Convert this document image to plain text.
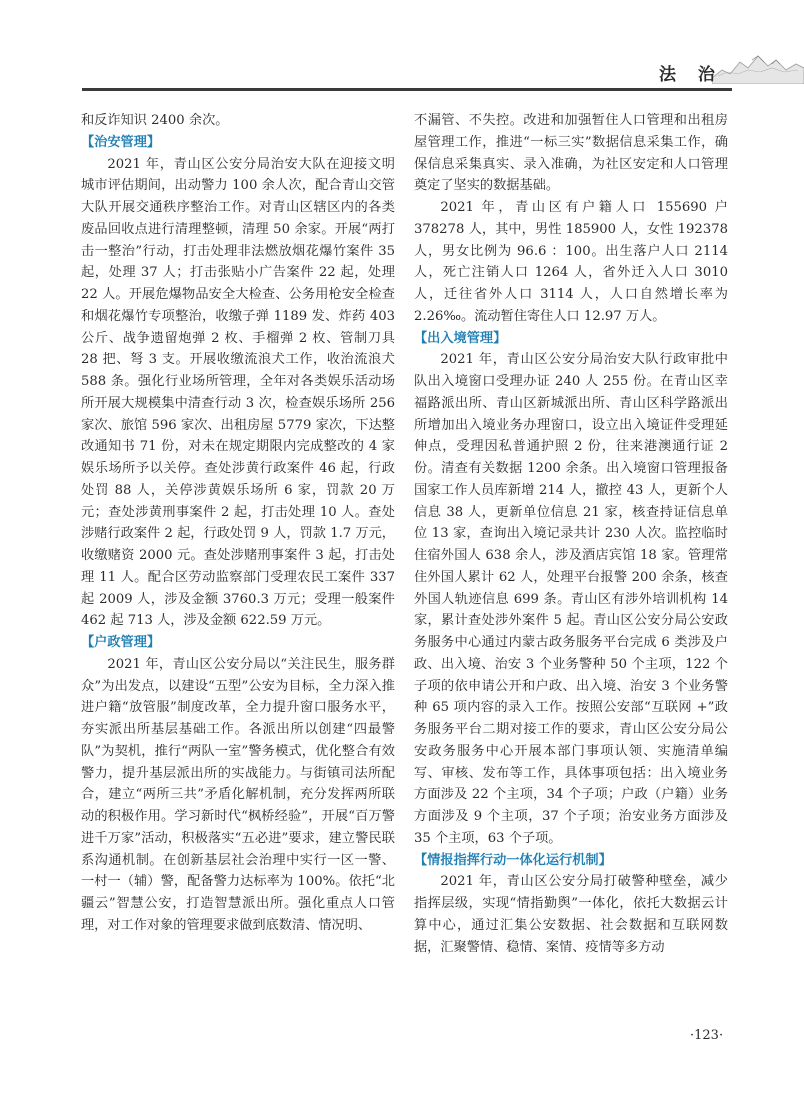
法 治

和反诈知识 2400 余次。

【治安管理】

2021 年，青山区公安分局治安大队在迎接文明城市评估期间，出动警力 100 余人次，配合青山交管大队开展交通秩序整治工作。对青山区辖区内的各类废品回收点进行清理整顿，清理 50 余家。开展“两打击一整治”行动，打击处理非法燃放烟花爆竹案件 35 起，处理 37 人；打击张贴小广告案件 22 起，处理 22 人。开展危爆物品安全大检查、公务用枪安全检查和烟花爆竹专项整治，收缴子弹 1189 发、炸药 403 公斤、战争遗留炮弹 2 枚、手榴弹 2 枚、管制刀具 28 把、弩 3 支。开展收缴流浪犬工作，收治流浪犬 588 条。强化行业场所管理，全年对各类娱乐活动场所开展大规模集中清查行动 3 次，检查娱乐场所 256 家次、旅馆 596 家次、出租房屋 5779 家次，下达整改通知书 71 份，对未在规定期限内完成整改的 4 家娱乐场所予以关停。查处涉黄行政案件 46 起，行政处罚 88 人，关停涉黄娱乐场所 6 家，罚款 20 万元；查处涉黄刑事案件 2 起，打击处理 10 人。查处涉赌行政案件 2 起，行政处罚 9 人，罚款 1.7 万元，收缴赌资 2000 元。查处涉赌刑事案件 3 起，打击处理 11 人。配合区劳动监察部门受理农民工案件 337 起 2009 人，涉及金额 3760.3 万元；受理一般案件 462 起 713 人，涉及金额 622.59 万元。

【户政管理】

2021 年，青山区公安分局以“关注民生，服务群众”为出发点，以建设“五型”公安为目标，全力深入推进户籍“放管服”制度改革，全力提升窗口服务水平，夯实派出所基层基础工作。各派出所以创建“四最警队”为契机，推行“两队一室”警务模式，优化整合有效警力，提升基层派出所的实战能力。与街镇司法所配合，建立“两所三共”矛盾化解机制，充分发挥两所联动的积极作用。学习新时代“枫桥经验”，开展“百万警进千万家”活动，积极落实“五必进”要求，建立警民联系沟通机制。在创新基层社会治理中实行一区一警、一村一（辅）警，配备警力达标率为 100%。依托“北疆云”智慧公安，打造智慧派出所。强化重点人口管理，对工作对象的管理要求做到底数清、情况明、

不漏管、不失控。改进和加强暂住人口管理和出租房屋管理工作，推进“一标三实”数据信息采集工作，确保信息采集真实、录入准确，为社区安定和人口管理奠定了坚实的数据基础。

2021 年，青山区有户籍人口 155690 户 378278 人，其中，男性 185900 人，女性 192378 人，男女比例为 96.6 ：100。出生落户人口 2114 人，死亡注销人口 1264 人，省外迁入人口 3010 人，迁往省外人口 3114 人，人口自然增长率为 2.26‰。流动暂住寄住人口 12.97 万人。

【出入境管理】

2021 年，青山区公安分局治安大队行政审批中队出入境窗口受理办证 240 人 255 份。在青山区幸福路派出所、青山区新城派出所、青山区科学路派出所增加出入境业务办理窗口，设立出入境证件受理延伸点，受理因私普通护照 2 份，往来港澳通行证 2 份。清查有关数据 1200 余条。出入境窗口管理报备国家工作人员库新增 214 人，撤控 43 人，更新个人信息 38 人，更新单位信息 21 家，核查持证信息单位 13 家，查询出入境记录共计 230 人次。监控临时住宿外国人 638 余人，涉及酒店宾馆 18 家。管理常住外国人累计 62 人，处理平台报警 200 余条，核查外国人轨迹信息 699 条。青山区有涉外培训机构 14 家，累计查处涉外案件 5 起。青山区公安分局公安政务服务中心通过内蒙古政务服务平台完成 6 类涉及户政、出入境、治安 3 个业务警种 50 个主项，122 个子项的依申请公开和户政、出入境、治安 3 个业务警种 65 项内容的录入工作。按照公安部“互联网 +”政务服务平台二期对接工作的要求，青山区公安分局公安政务服务中心开展本部门事项认领、实施清单编写、审核、发布等工作，具体事项包括：出入境业务方面涉及 22 个主项，34 个子项；户政（户籍）业务方面涉及 9 个主项，37 个子项；治安业务方面涉及 35 个主项，63 个子项。

【情报指挥行动一体化运行机制】

2021 年，青山区公安分局打破警种壁垒，减少指挥层级，实现“情指勤舆”一体化，依托大数据云计算中心，通过汇集公安数据、社会数据和互联网数据，汇聚警情、稳情、案情、疫情等多方动

·123·
